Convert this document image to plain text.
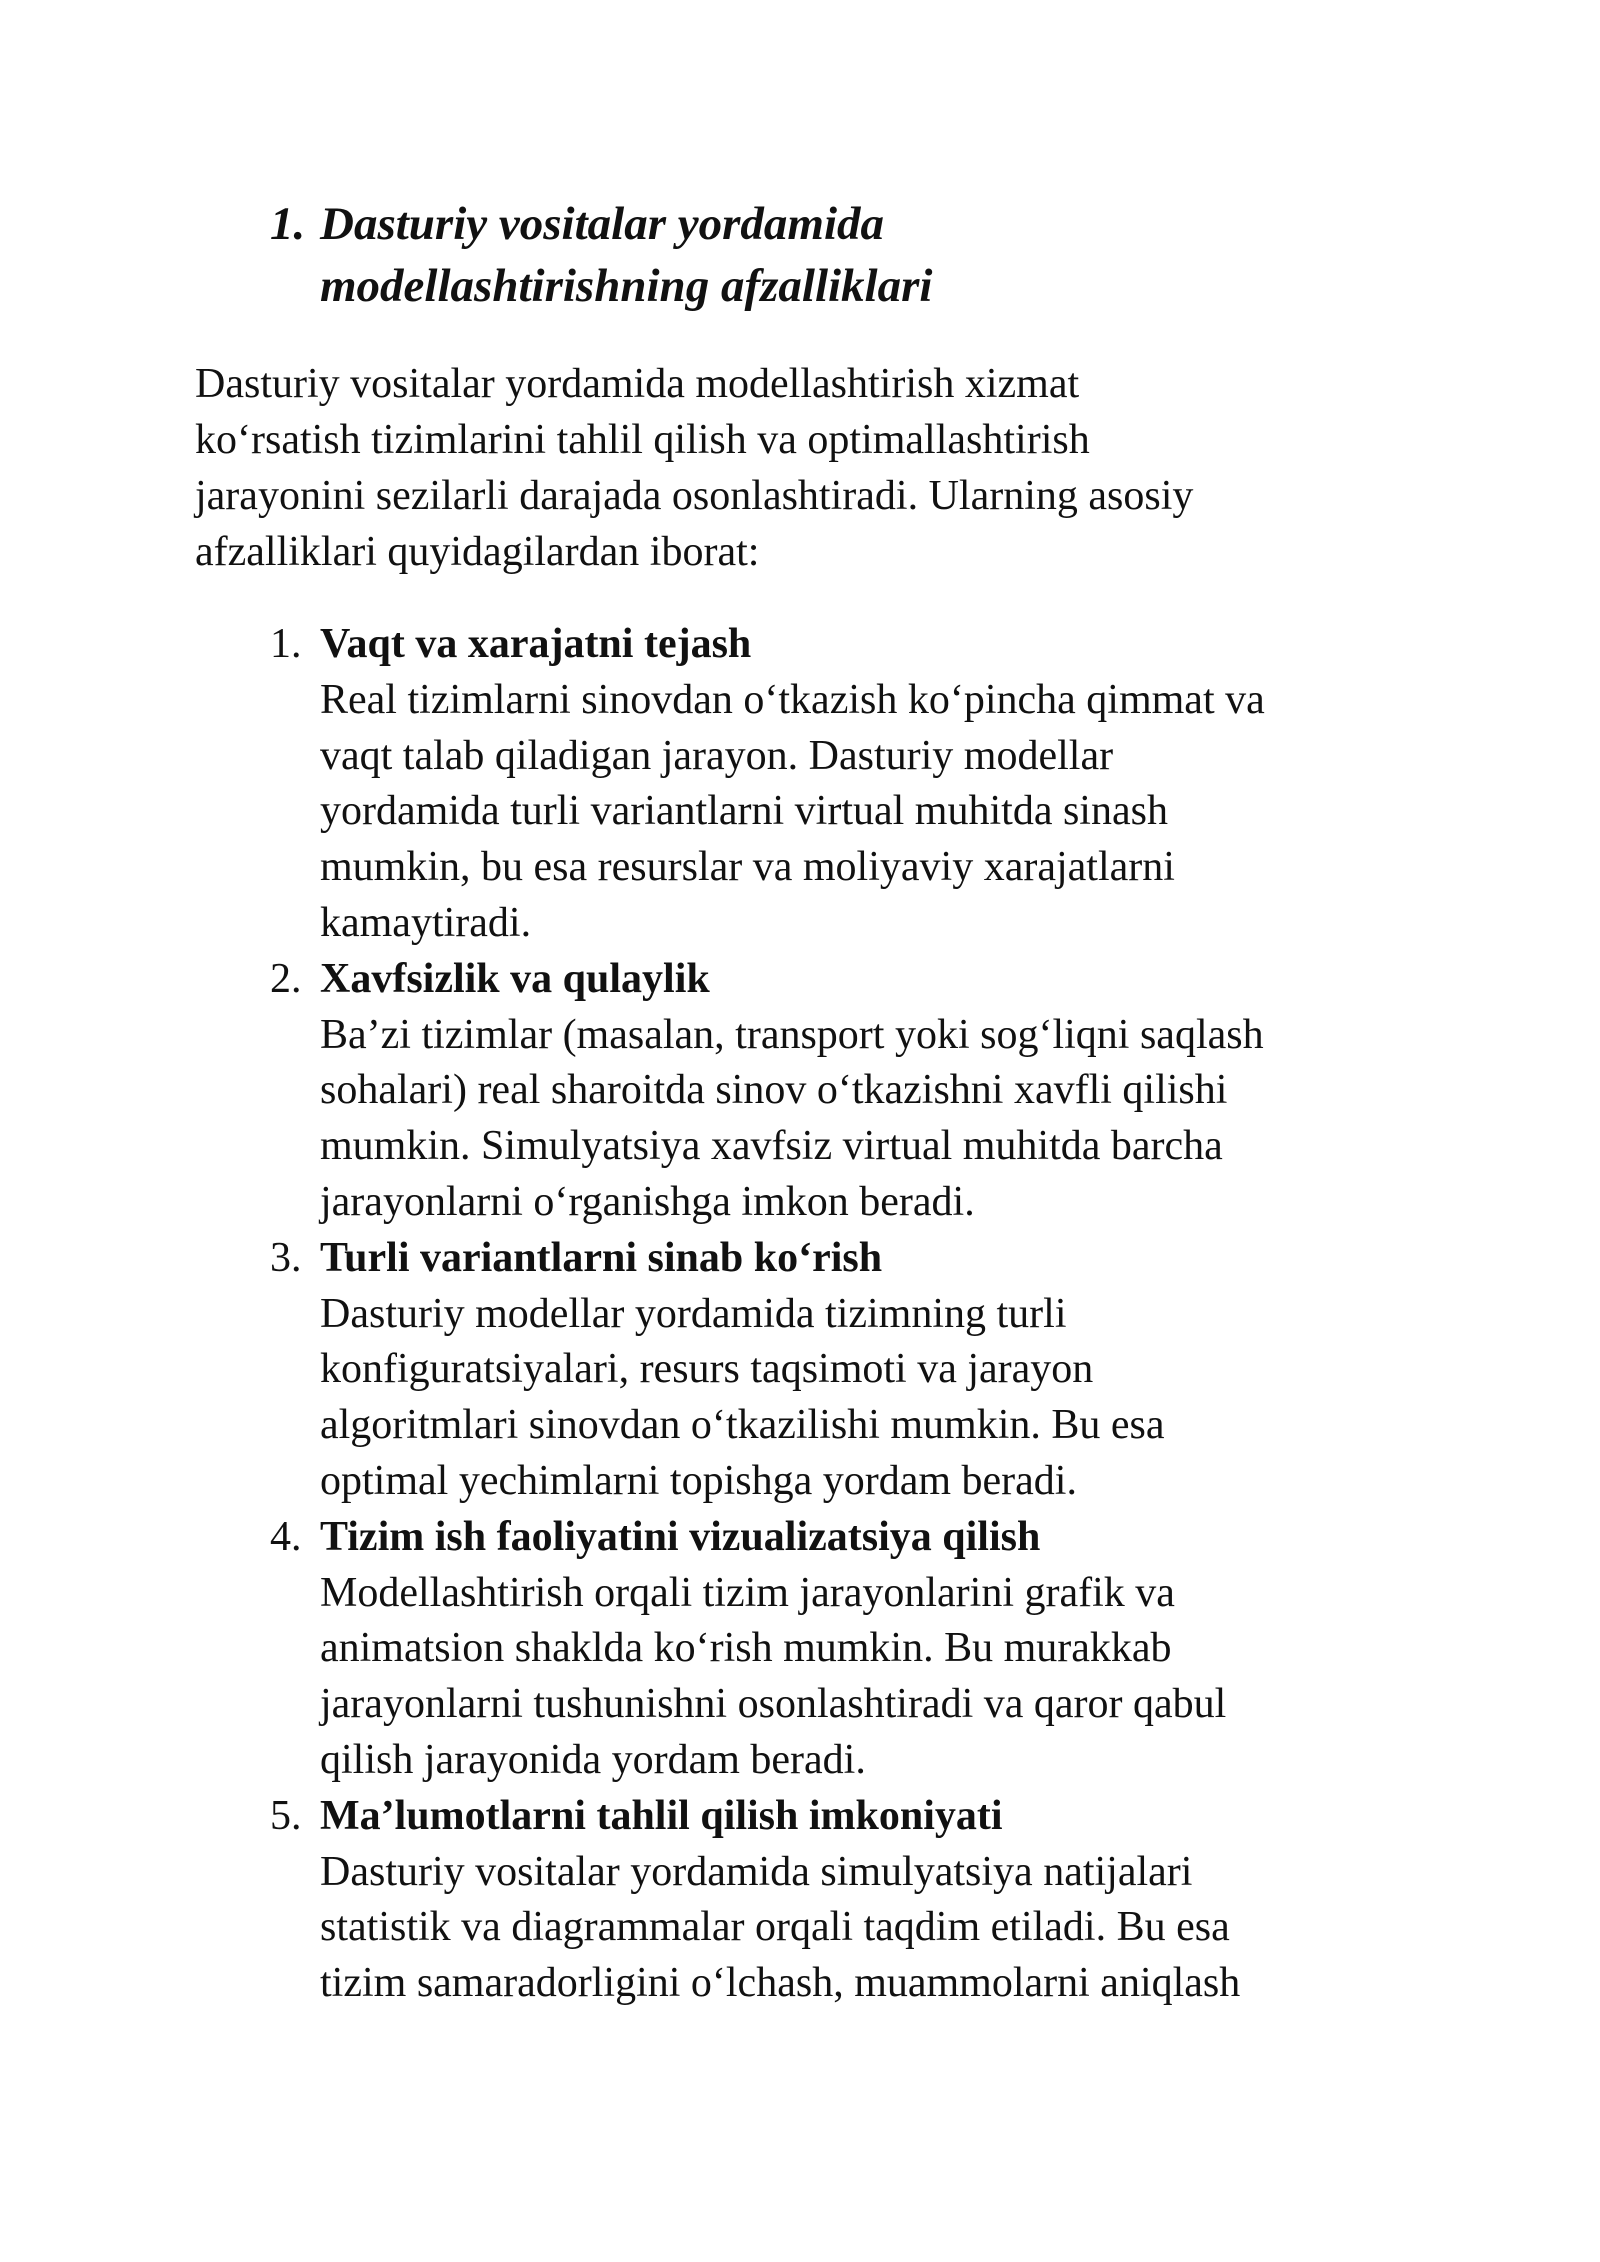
1. Dasturiy vositalar yordamida
modellashtirishning afzalliklari
Dasturiy vositalar yordamida modellashtirish xizmat
ko‘rsatish tizimlarini tahlil qilish va optimallashtirish
jarayonini sezilarli darajada osonlashtiradi. Ularning asosiy
afzalliklari quyidagilardan iborat:
1. Vaqt va xarajatni tejash
Real tizimlarni sinovdan o‘tkazish ko‘pincha qimmat va
vaqt talab qiladigan jarayon. Dasturiy modellar
yordamida turli variantlarni virtual muhitda sinash
mumkin, bu esa resurslar va moliyaviy xarajatlarni
kamaytiradi.
2. Xavfsizlik va qulaylik
Ba’zi tizimlar (masalan, transport yoki sog‘liqni saqlash
sohalari) real sharoitda sinov o‘tkazishni xavfli qilishi
mumkin. Simulyatsiya xavfsiz virtual muhitda barcha
jarayonlarni o‘rganishga imkon beradi.
3. Turli variantlarni sinab ko‘rish
Dasturiy modellar yordamida tizimning turli
konfiguratsiyalari, resurs taqsimoti va jarayon
algoritmlari sinovdan o‘tkazilishi mumkin. Bu esa
optimal yechimlarni topishga yordam beradi.
4. Tizim ish faoliyatini vizualizatsiya qilish
Modellashtirish orqali tizim jarayonlarini grafik va
animatsion shaklda ko‘rish mumkin. Bu murakkab
jarayonlarni tushunishni osonlashtiradi va qaror qabul
qilish jarayonida yordam beradi.
5. Ma’lumotlarni tahlil qilish imkoniyati
Dasturiy vositalar yordamida simulyatsiya natijalari
statistik va diagrammalar orqali taqdim etiladi. Bu esa
tizim samaradorligini o‘lchash, muammolarni aniqlash
